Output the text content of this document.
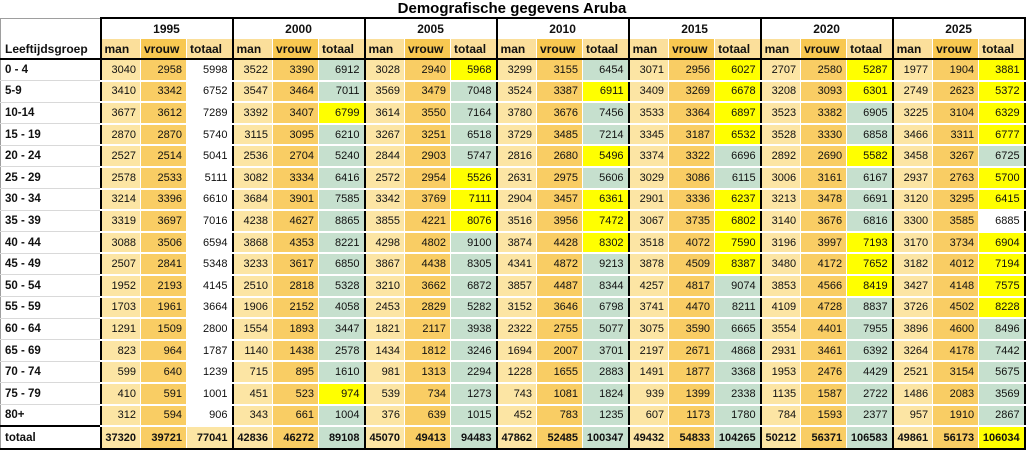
Demografische gegevens Aruba
	1995			2000			2005			2010			2015			2020			2025		
Leeftijdsgroep	man	vrouw	totaal	man	vrouw	totaal	man	vrouw	totaal	man	vrouw	totaal	man	vrouw	totaal	man	vrouw	totaal	man	vrouw	totaal
0 - 4	3040	2958	5998	3522	3390	6912	3028	2940	5968	3299	3155	6454	3071	2956	6027	2707	2580	5287	1977	1904	3881
5-9	3410	3342	6752	3547	3464	7011	3569	3479	7048	3524	3387	6911	3409	3269	6678	3208	3093	6301	2749	2623	5372
10-14	3677	3612	7289	3392	3407	6799	3614	3550	7164	3780	3676	7456	3533	3364	6897	3523	3382	6905	3225	3104	6329
15 - 19	2870	2870	5740	3115	3095	6210	3267	3251	6518	3729	3485	7214	3345	3187	6532	3528	3330	6858	3466	3311	6777
20 - 24	2527	2514	5041	2536	2704	5240	2844	2903	5747	2816	2680	5496	3374	3322	6696	2892	2690	5582	3458	3267	6725
25 - 29	2578	2533	5111	3082	3334	6416	2572	2954	5526	2631	2975	5606	3029	3086	6115	3006	3161	6167	2937	2763	5700
30 - 34	3214	3396	6610	3684	3901	7585	3342	3769	7111	2904	3457	6361	2901	3336	6237	3213	3478	6691	3120	3295	6415
35 - 39	3319	3697	7016	4238	4627	8865	3855	4221	8076	3516	3956	7472	3067	3735	6802	3140	3676	6816	3300	3585	6885
40 - 44	3088	3506	6594	3868	4353	8221	4298	4802	9100	3874	4428	8302	3518	4072	7590	3196	3997	7193	3170	3734	6904
45 - 49	2507	2841	5348	3233	3617	6850	3867	4438	8305	4341	4872	9213	3878	4509	8387	3480	4172	7652	3182	4012	7194
50 - 54	1952	2193	4145	2510	2818	5328	3210	3662	6872	3857	4487	8344	4257	4817	9074	3853	4566	8419	3427	4148	7575
55 - 59	1703	1961	3664	1906	2152	4058	2453	2829	5282	3152	3646	6798	3741	4470	8211	4109	4728	8837	3726	4502	8228
60 - 64	1291	1509	2800	1554	1893	3447	1821	2117	3938	2322	2755	5077	3075	3590	6665	3554	4401	7955	3896	4600	8496
65 - 69	823	964	1787	1140	1438	2578	1434	1812	3246	1694	2007	3701	2197	2671	4868	2931	3461	6392	3264	4178	7442
70 - 74	599	640	1239	715	895	1610	981	1313	2294	1228	1655	2883	1491	1877	3368	1953	2476	4429	2521	3154	5675
75 - 79	410	591	1001	451	523	974	539	734	1273	743	1081	1824	939	1399	2338	1135	1587	2722	1486	2083	3569
80+	312	594	906	343	661	1004	376	639	1015	452	783	1235	607	1173	1780	784	1593	2377	957	1910	2867
totaal	37320	39721	77041	42836	46272	89108	45070	49413	94483	47862	52485	100347	49432	54833	104265	50212	56371	106583	49861	56173	106034
